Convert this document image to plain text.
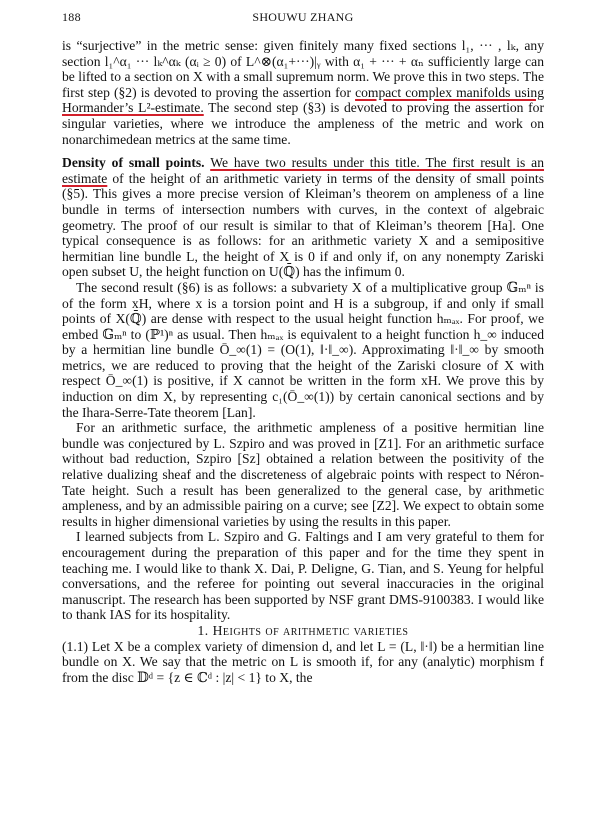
188	SHOUWU ZHANG

is “surjective” in the metric sense: given finitely many fixed sections l₁, ··· , lₖ, any section l₁^α₁ ··· lₖ^αₖ (αᵢ ≥ 0) of L^⊗(α₁+···)|ᵧ with α₁ + ··· + αₙ sufficiently large can be lifted to a section on X with a small supremum norm. We prove this in two steps. The first step (§2) is devoted to proving the assertion for compact complex manifolds using Hormander’s L²-estimate. The second step (§3) is devoted to proving the assertion for singular varieties, where we introduce the ampleness of the metric and work on nonarchimedean metrics at the same time.

Density of small points. We have two results under this title. The first result is an estimate of the height of an arithmetic variety in terms of the density of small points (§5). This gives a more precise version of Kleiman’s theorem on ampleness of a line bundle in terms of intersection numbers with curves, in the context of algebraic geometry. The proof of our result is similar to that of Kleiman’s theorem [Ha]. One typical consequence is as follows: for an arithmetic variety X and a semipositive hermitian line bundle L, the height of X is 0 if and only if, on any nonempty Zariski open subset U, the height function on U(ℚ̄) has the infimum 0.

The second result (§6) is as follows: a subvariety X of a multiplicative group 𝔾ₘⁿ is of the form xH, where x is a torsion point and H is a subgroup, if and only if small points of X(ℚ̄) are dense with respect to the usual height function hₘₐₓ. For proof, we embed 𝔾ₘⁿ to (ℙ¹)ⁿ as usual. Then hₘₐₓ is equivalent to a height function h_∞ induced by a hermitian line bundle Ō_∞(1) = (O(1), ‖·‖_∞). Approximating ‖·‖_∞ by smooth metrics, we are reduced to proving that the height of the Zariski closure of X with respect Ō_∞(1) is positive, if X cannot be written in the form xH. We prove this by induction on dim X, by representing c₁(Ō_∞(1)) by certain canonical sections and by the Ihara-Serre-Tate theorem [Lan].

For an arithmetic surface, the arithmetic ampleness of a positive hermitian line bundle was conjectured by L. Szpiro and was proved in [Z1]. For an arithmetic surface without bad reduction, Szpiro [Sz] obtained a relation between the positivity of the relative dualizing sheaf and the discreteness of algebraic points with respect to Néron-Tate height. Such a result has been generalized to the general case, by arithmetic ampleness, and by an admissible pairing on a curve; see [Z2]. We expect to obtain some results in higher dimensional varieties by using the results in this paper.

I learned subjects from L. Szpiro and G. Faltings and I am very grateful to them for encouragement during the preparation of this paper and for the time they spent in teaching me. I would like to thank X. Dai, P. Deligne, G. Tian, and S. Yeung for helpful conversations, and the referee for pointing out several inaccuracies in the original manuscript. The research has been supported by NSF grant DMS-9100383. I would like to thank IAS for its hospitality.

1. Heights of arithmetic varieties

(1.1) Let X be a complex variety of dimension d, and let L = (L, ‖·‖) be a hermitian line bundle on X. We say that the metric on L is smooth if, for any (analytic) morphism f from the disc 𝔻ᵈ = {z ∈ ℂᵈ : |z| < 1} to X, the
